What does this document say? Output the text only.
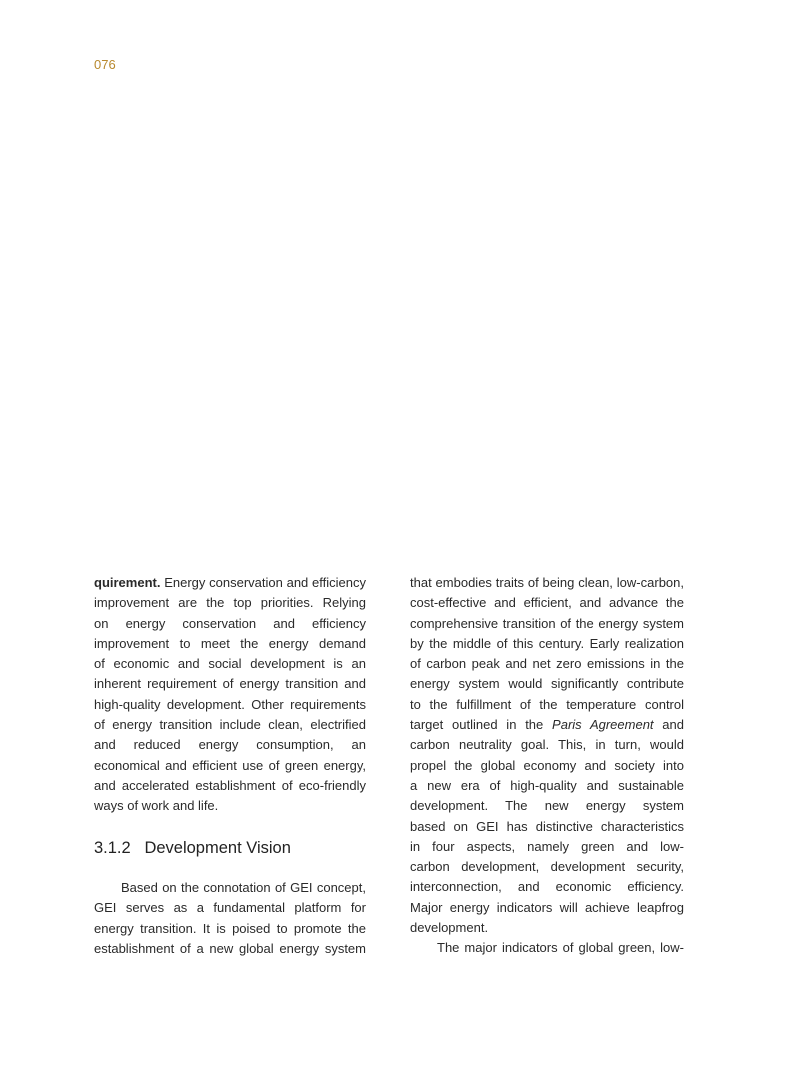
076
quirement. Energy conservation and efficiency
improvement are the top priorities. Relying
on energy conservation and efficiency
improvement to meet the energy demand
of economic and social development is an
inherent requirement of energy transition and
high-quality development. Other requirements
of energy transition include clean, electrified
and reduced energy consumption, an
economical and efficient use of green energy,
and accelerated establishment of eco-friendly
ways of work and life.
3.1.2   Development Vision
Based on the connotation of GEI concept,
GEI serves as a fundamental platform for
energy transition. It is poised to promote the
establishment of a new global energy system
that embodies traits of being clean, low-carbon,
cost-effective and efficient, and advance the
comprehensive transition of the energy system
by the middle of this century. Early realization
of carbon peak and net zero emissions in the
energy system would significantly contribute
to the fulfillment of the temperature control
target outlined in the Paris Agreement and
carbon neutrality goal. This, in turn, would
propel the global economy and society into
a new era of high-quality and sustainable
development. The new energy system
based on GEI has distinctive characteristics
in four aspects, namely green and low-
carbon development, development security,
interconnection, and economic efficiency.
Major energy indicators will achieve leapfrog
development.
The major indicators of global green, low-
